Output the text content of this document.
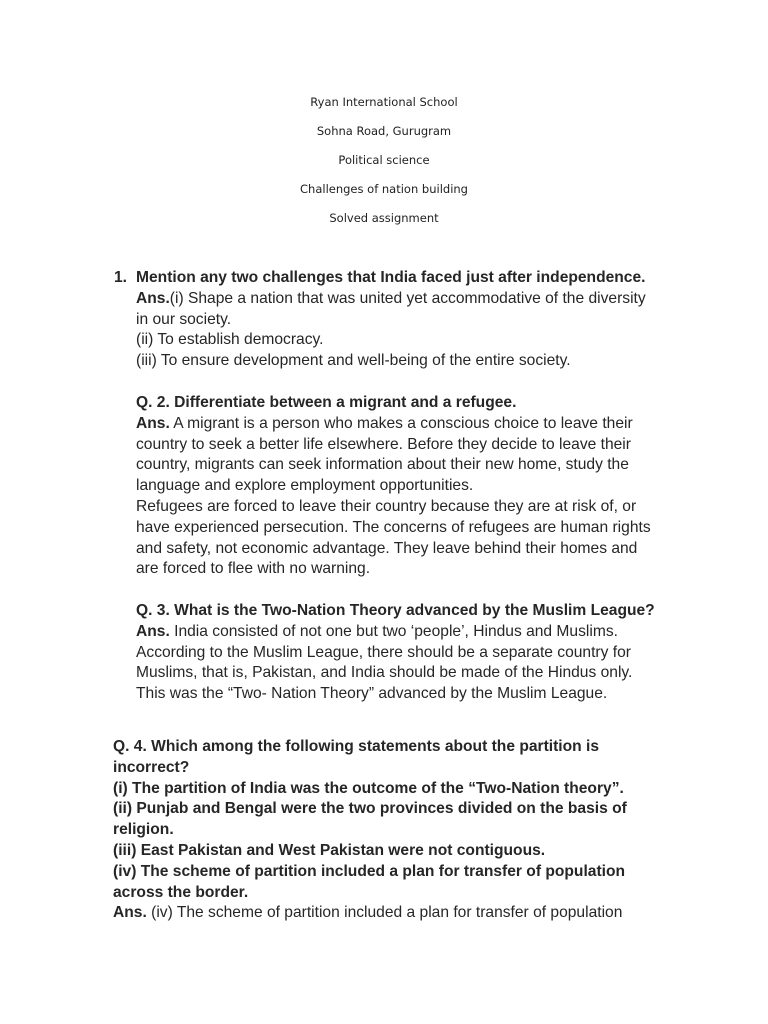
Ryan International School
Sohna Road, Gurugram
Political science
Challenges of nation building
Solved assignment
1. Mention any two challenges that India faced just after independence.
Ans.(i) Shape a nation that was united yet accommodative of the diversity
in our society.
(ii) To establish democracy.
(iii) To ensure development and well-being of the entire society.
Q. 2. Differentiate between a migrant and a refugee.
Ans. A migrant is a person who makes a conscious choice to leave their
country to seek a better life elsewhere. Before they decide to leave their
country, migrants can seek information about their new home, study the
language and explore employment opportunities.
Refugees are forced to leave their country because they are at risk of, or
have experienced persecution. The concerns of refugees are human rights
and safety, not economic advantage. They leave behind their homes and
are forced to flee with no warning.
Q. 3. What is the Two-Nation Theory advanced by the Muslim League?
Ans. India consisted of not one but two ‘people’, Hindus and Muslims.
According to the Muslim League, there should be a separate country for
Muslims, that is, Pakistan, and India should be made of the Hindus only.
This was the “Two- Nation Theory” advanced by the Muslim League.
Q. 4. Which among the following statements about the partition is
incorrect?
(i) The partition of India was the outcome of the “Two-Nation theory”.
(ii) Punjab and Bengal were the two provinces divided on the basis of
religion.
(iii) East Pakistan and West Pakistan were not contiguous.
(iv) The scheme of partition included a plan for transfer of population
across the border.
Ans. (iv) The scheme of partition included a plan for transfer of population
